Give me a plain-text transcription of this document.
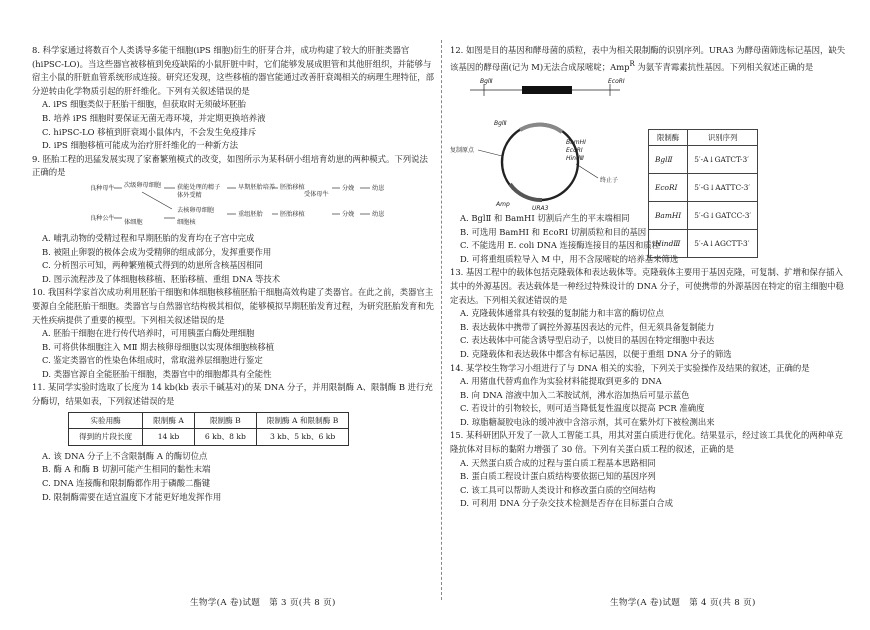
8. 科学家通过将数百个人类诱导多能干细胞(iPS 细胞)衍生的肝芽合并，成功构建了较大的肝脏类器官(hiPSC-LO)。当这些器官被移植到免疫缺陷的小鼠肝脏中时，它们能够发展成胆管和其他肝组织，并能够与宿主小鼠的肝脏血管系统形成连接。研究还发现，这些移植的器官能通过改善肝衰竭相关的病理生理特征，部分逆转由化学物质引起的肝纤维化。下列有关叙述错误的是

A. iPS 细胞类似于胚胎干细胞，但获取时无须破坏胚胎

B. 培养 iPS 细胞时要保证无菌无毒环境，并定期更换培养液

C. hiPSC-LO 移植到肝衰竭小鼠体内，不会发生免疫排斥

D. iPS 细胞移植可能成为治疗肝纤维化的一种新方法

9. 胚胎工程的迅猛发展实现了家畜繁殖模式的改变，如图所示为某科研小组培育幼崽的两种模式。下列说法正确的是

良种母牛 次级卵母细胞	获能处理的精子
体外受精
早期胚胎培养 胚胎移植
受体母牛
分娩	幼崽
良种公牛
体细胞
去核卵母细胞
细胞核
重组胚胎	胚胎移植	分娩	幼崽

A. 哺乳动物的受精过程和早期胚胎的发育均在子宫中完成

B. 被阻止卵裂的极体会成为受精卵的组成部分，发挥重要作用

C. 分析图示可知，两种繁殖模式得到的幼崽所含核基因相同

D. 图示流程涉及了体细胞核移植、胚胎移植、重组 DNA 等技术

10. 我国科学家首次成功利用胚胎干细胞和体细胞核移植胚胎干细胞高效构建了类器官。在此之前，类器官主要源自全能胚胎干细胞。类器官与自然器官结构极其相似，能够模拟早期胚胎发育过程，为研究胚胎发育和先天性疾病提供了重要的模型。下列相关叙述错误的是

A. 胚胎干细胞在进行传代培养时，可用胰蛋白酶处理细胞

B. 可将供体细胞注入 MⅡ 期去核卵母细胞以实现体细胞核移植

C. 鉴定类器官的性染色体组成时，常取滋养层细胞进行鉴定

D. 类器官源自全能胚胎干细胞，类器官中的细胞都具有全能性

11. 某同学实验时选取了长度为 14 kb(kb 表示千碱基对)的某 DNA 分子，并用限制酶 A、限制酶 B 进行充分酶切，结果如表，下列叙述错误的是

实验用酶	限制酶 A	限制酶 B	限制酶 A 和限制酶 B
得到的片段长度	14 kb	6 kb、8 kb	3 kb、5 kb、6 kb

A. 该 DNA 分子上不含限制酶 A 的酶切位点

B. 酶 A 和酶 B 切割可能产生相同的黏性末端

C. DNA 连接酶和限制酶都作用于磷酸二酯键

D. 限制酶需要在适宜温度下才能更好地发挥作用

12. 如图是目的基因和酵母菌的质粒，表中为相关限制酶的识别序列。URA3 为酵母菌筛选标记基因，缺失该基因的酵母菌(记为 M)无法合成尿嘧啶；Amp$^R$ 为氨苄青霉素抗性基因。下列相关叙述正确的是

BglⅡ	EcoRⅠ
BglⅡ
BamHⅠ
EcoRⅠ
HindⅢ
Amp
URA3
复制原点
终止子
限制酶	识别序列
BglⅡ	5′-A↓GATCT-3′
EcoRⅠ	5′-G↓AATTC-3′
BamHⅠ	5′-G↓GATCC-3′
HindⅢ	5′-A↓AGCTT-3′

A. BglⅡ 和 BamHⅠ 切割后产生的平末端相同

B. 可选用 BamHⅠ 和 EcoRⅠ 切割质粒和目的基因

C. 不能选用 E. coli DNA 连接酶连接目的基因和质粒

D. 可将重组质粒导入 M 中，用不含尿嘧啶的培养基来筛选

13. 基因工程中的载体包括克隆载体和表达载体等。克隆载体主要用于基因克隆，可复制、扩增和保存插入其中的外源基因。表达载体是一种经过特殊设计的 DNA 分子，可使携带的外源基因在特定的宿主细胞中稳定表达。下列相关叙述错误的是

A. 克隆载体通常具有较强的复制能力和丰富的酶切位点

B. 表达载体中携带了调控外源基因表达的元件，但无须具备复制能力

C. 表达载体中可能含诱导型启动子，以使目的基因在特定细胞中表达

D. 克隆载体和表达载体中都含有标记基因，以便于重组 DNA 分子的筛选

14. 某学校生物学习小组进行了与 DNA 相关的实验，下列关于实验操作及结果的叙述，正确的是

A. 用猪血代替鸡血作为实验材料能提取到更多的 DNA

B. 向 DNA 溶液中加入二苯胺试剂，沸水浴加热后可显示蓝色

C. 若设计的引物较长，则可适当降低复性温度以提高 PCR 准确度

D. 琼脂糖凝胶电泳的缓冲液中含溶示剂，其可在紫外灯下被检测出来

15. 某科研团队开发了一款人工智能工具，用其对蛋白质进行优化。结果显示，经过该工具优化的两种单克隆抗体对目标的黏附力增强了 30 倍。下列有关蛋白质工程的叙述，正确的是

A. 天然蛋白质合成的过程与蛋白质工程基本思路相同

B. 蛋白质工程设计蛋白质结构要依据已知的基因序列

C. 该工具可以帮助人类设计和修改蛋白质的空间结构

D. 可利用 DNA 分子杂交技术检测是否存在目标蛋白合成

生物学(A 卷)试题　第 3 页(共 8 页)	生物学(A 卷)试题　第 4 页(共 8 页)
